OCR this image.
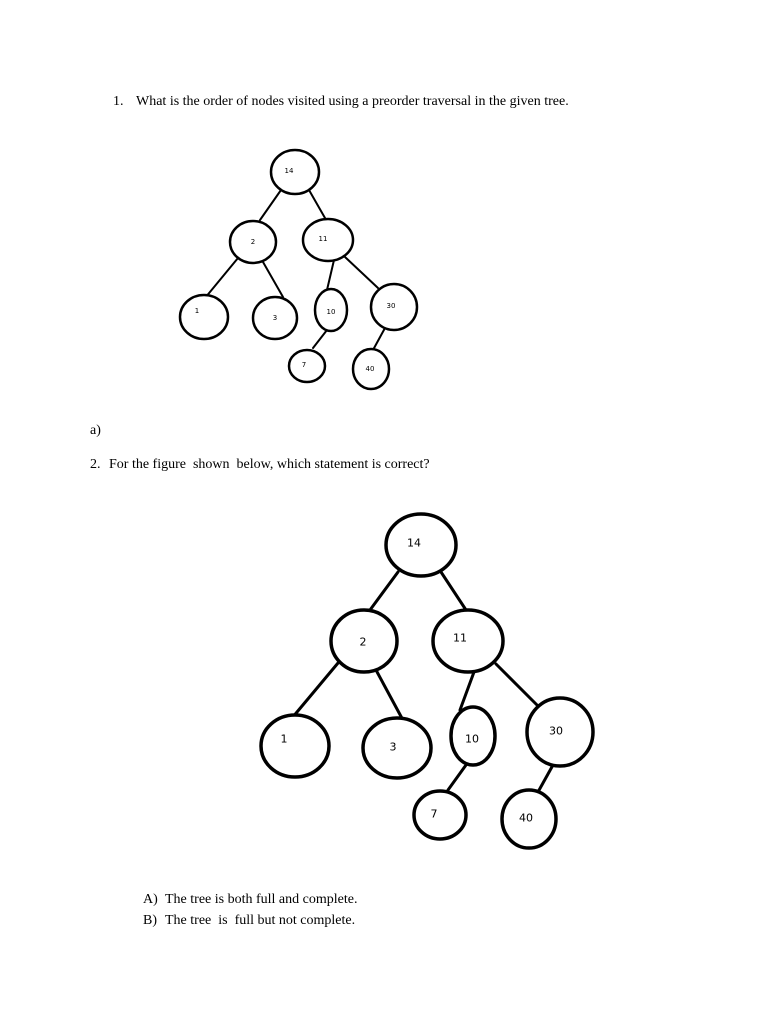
1. What is the order of nodes visited using a preorder traversal in the given tree.
14
2	11
1
3
10
30
7	40
14
2	11
1
3
10
30
7	40
a)
2. For the figure  shown  below, which statement is correct?

A) The tree is both full and complete.

B) The tree  is  full but not complete.
